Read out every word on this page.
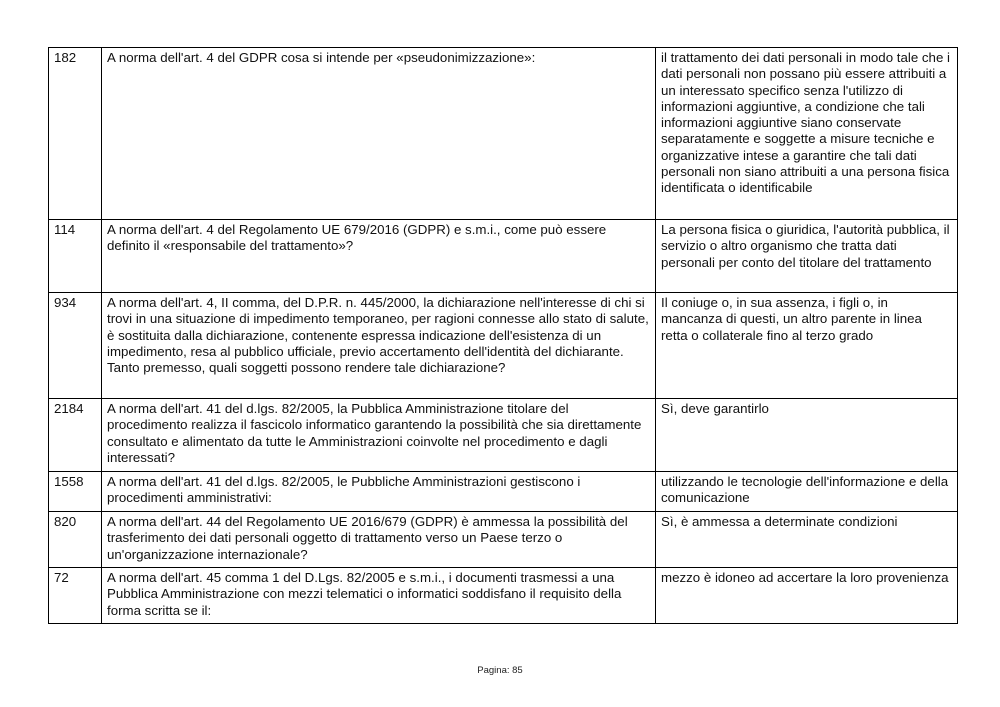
182	A norma dell'art. 4 del GDPR cosa si intende per «pseudonimizzazione»:	il trattamento dei dati personali in modo tale che i dati personali non possano più essere attribuiti a un interessato specifico senza l'utilizzo di informazioni aggiuntive, a condizione che tali informazioni aggiuntive siano conservate separatamente e soggette a misure tecniche e organizzative intese a garantire che tali dati personali non siano attribuiti a una persona fisica identificata o identificabile
114	A norma dell'art. 4 del Regolamento UE 679/2016 (GDPR) e s.m.i., come può essere definito il «responsabile del trattamento»?	La persona fisica o giuridica, l'autorità pubblica, il servizio o altro organismo che tratta dati personali per conto del titolare del trattamento
934	A norma dell'art. 4, II comma, del D.P.R. n. 445/2000, la dichiarazione nell'interesse di chi si trovi in una situazione di impedimento temporaneo, per ragioni connesse allo stato di salute, è sostituita dalla dichiarazione, contenente espressa indicazione dell'esistenza di un impedimento, resa al pubblico ufficiale, previo accertamento dell'identità del dichiarante. Tanto premesso, quali soggetti possono rendere tale dichiarazione?	Il coniuge o, in sua assenza, i figli o, in mancanza di questi, un altro parente in linea retta o collaterale fino al terzo grado
2184	A norma dell'art. 41 del d.lgs. 82/2005, la Pubblica Amministrazione titolare del procedimento realizza il fascicolo informatico garantendo la possibilità che sia direttamente consultato e alimentato da tutte le Amministrazioni coinvolte nel procedimento e dagli interessati?	Sì, deve garantirlo
1558	A norma dell'art. 41 del d.lgs. 82/2005, le Pubbliche Amministrazioni gestiscono i procedimenti amministrativi:	utilizzando le tecnologie dell'informazione e della comunicazione
820	A norma dell'art. 44 del Regolamento UE 2016/679 (GDPR) è ammessa la possibilità del trasferimento dei dati personali oggetto di trattamento verso un Paese terzo o un'organizzazione internazionale?	Sì, è ammessa a determinate condizioni
72	A norma dell'art. 45 comma 1 del D.Lgs. 82/2005 e s.m.i., i documenti trasmessi a una Pubblica Amministrazione con mezzi telematici o informatici soddisfano il requisito della forma scritta se il:	mezzo è idoneo ad accertare la loro provenienza
Pagina: 85
